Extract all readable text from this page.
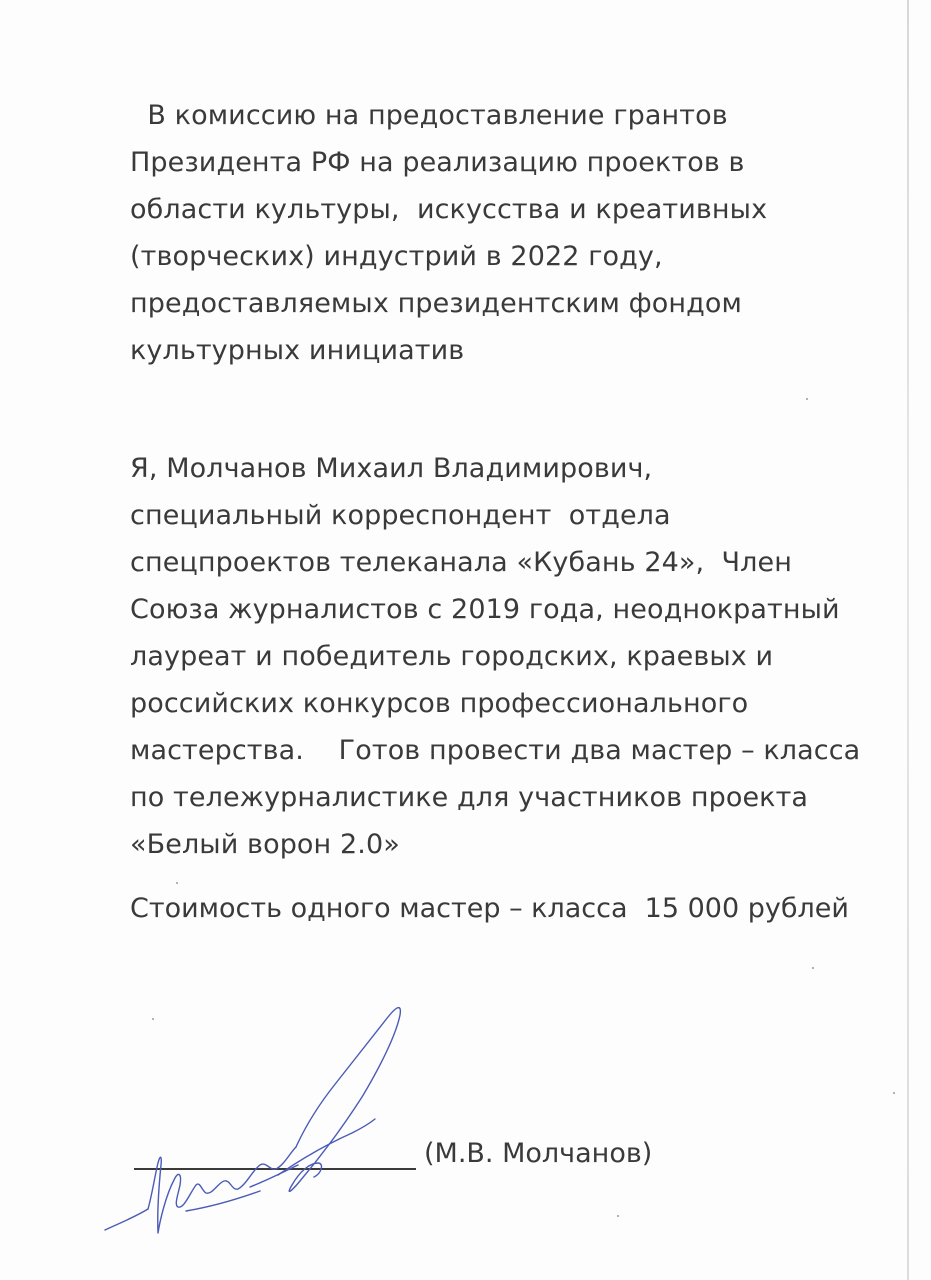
В комиссию на предоставление грантов
Президента РФ на реализацию проектов в
области культуры,  искусства и креативных
(творческих) индустрий в 2022 году,
предоставляемых президентским фондом
культурных инициатив
Я, Молчанов Михаил Владимирович,
специальный корреспондент  отдела
спецпроектов телеканала «Кубань 24»,  Член
Союза журналистов с 2019 года, неоднократный
лауреат и победитель городских, краевых и
российских конкурсов профессионального
мастерства.    Готов провести два мастер – класса
по тележурналистике для участников проекта
«Белый ворон 2.0»
Стоимость одного мастер – класса  15 000 рублей
(М.В. Молчанов)
